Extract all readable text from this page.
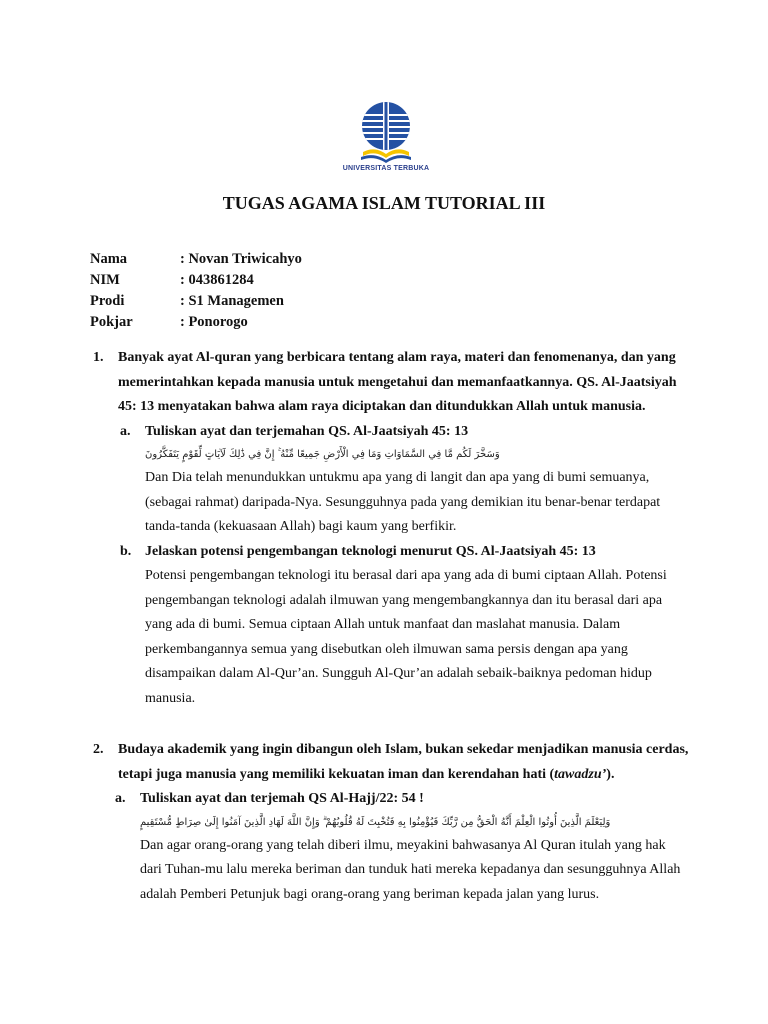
UNIVERSITAS TERBUKA
TUGAS AGAMA ISLAM TUTORIAL III
Nama	: Novan Triwicahyo
NIM	: 043861284
Prodi	: S1 Managemen
Pokjar	: Ponorogo
1. Banyak ayat Al-quran yang berbicara tentang alam raya, materi dan fenomenanya, dan yang memerintahkan kepada manusia untuk mengetahui dan memanfaatkannya. QS. Al-Jaatsiyah 45: 13 menyatakan bahwa alam raya diciptakan dan ditundukkan Allah untuk manusia.
a. Tuliskan ayat dan terjemahan QS. Al-Jaatsiyah 45: 13
وَسَخَّرَ لَكُم مَّا فِي السَّمَاوَاتِ وَمَا فِي الْأَرْضِ جَمِيعًا مِّنْهُ ۚ إِنَّ فِي ذَٰلِكَ لَآيَاتٍ لِّقَوْمٍ يَتَفَكَّرُونَ
Dan Dia telah menundukkan untukmu apa yang di langit dan apa yang di bumi semuanya, (sebagai rahmat) daripada-Nya. Sesungguhnya pada yang demikian itu benar-benar terdapat tanda-tanda (kekuasaan Allah) bagi kaum yang berfikir.
b. Jelaskan potensi pengembangan teknologi menurut QS. Al-Jaatsiyah 45: 13
Potensi pengembangan teknologi itu berasal dari apa yang ada di bumi ciptaan Allah. Potensi pengembangan teknologi adalah ilmuwan yang mengembangkannya dan itu berasal dari apa yang ada di bumi. Semua ciptaan Allah untuk manfaat dan maslahat manusia. Dalam perkembangannya semua yang disebutkan oleh ilmuwan sama persis dengan apa yang disampaikan dalam Al-Qur’an. Sungguh Al-Qur’an adalah sebaik-baiknya pedoman hidup manusia.
2. Budaya akademik yang ingin dibangun oleh Islam, bukan sekedar menjadikan manusia cerdas, tetapi juga manusia yang memiliki kekuatan iman dan kerendahan hati (tawadzu’).
a. Tuliskan ayat dan terjemah QS Al-Hajj/22: 54 !
وَلِيَعْلَمَ الَّذِينَ أُوتُوا الْعِلْمَ أَنَّهُ الْحَقُّ مِن رَّبِّكَ فَيُؤْمِنُوا بِهِ فَتُخْبِتَ لَهُ قُلُوبُهُمْ ۗ وَإِنَّ اللَّهَ لَهَادِ الَّذِينَ آمَنُوا إِلَىٰ صِرَاطٍ مُّسْتَقِيمٍ
Dan agar orang-orang yang telah diberi ilmu, meyakini bahwasanya Al Quran itulah yang hak dari Tuhan-mu lalu mereka beriman dan tunduk hati mereka kepadanya dan sesungguhnya Allah adalah Pemberi Petunjuk bagi orang-orang yang beriman kepada jalan yang lurus.
